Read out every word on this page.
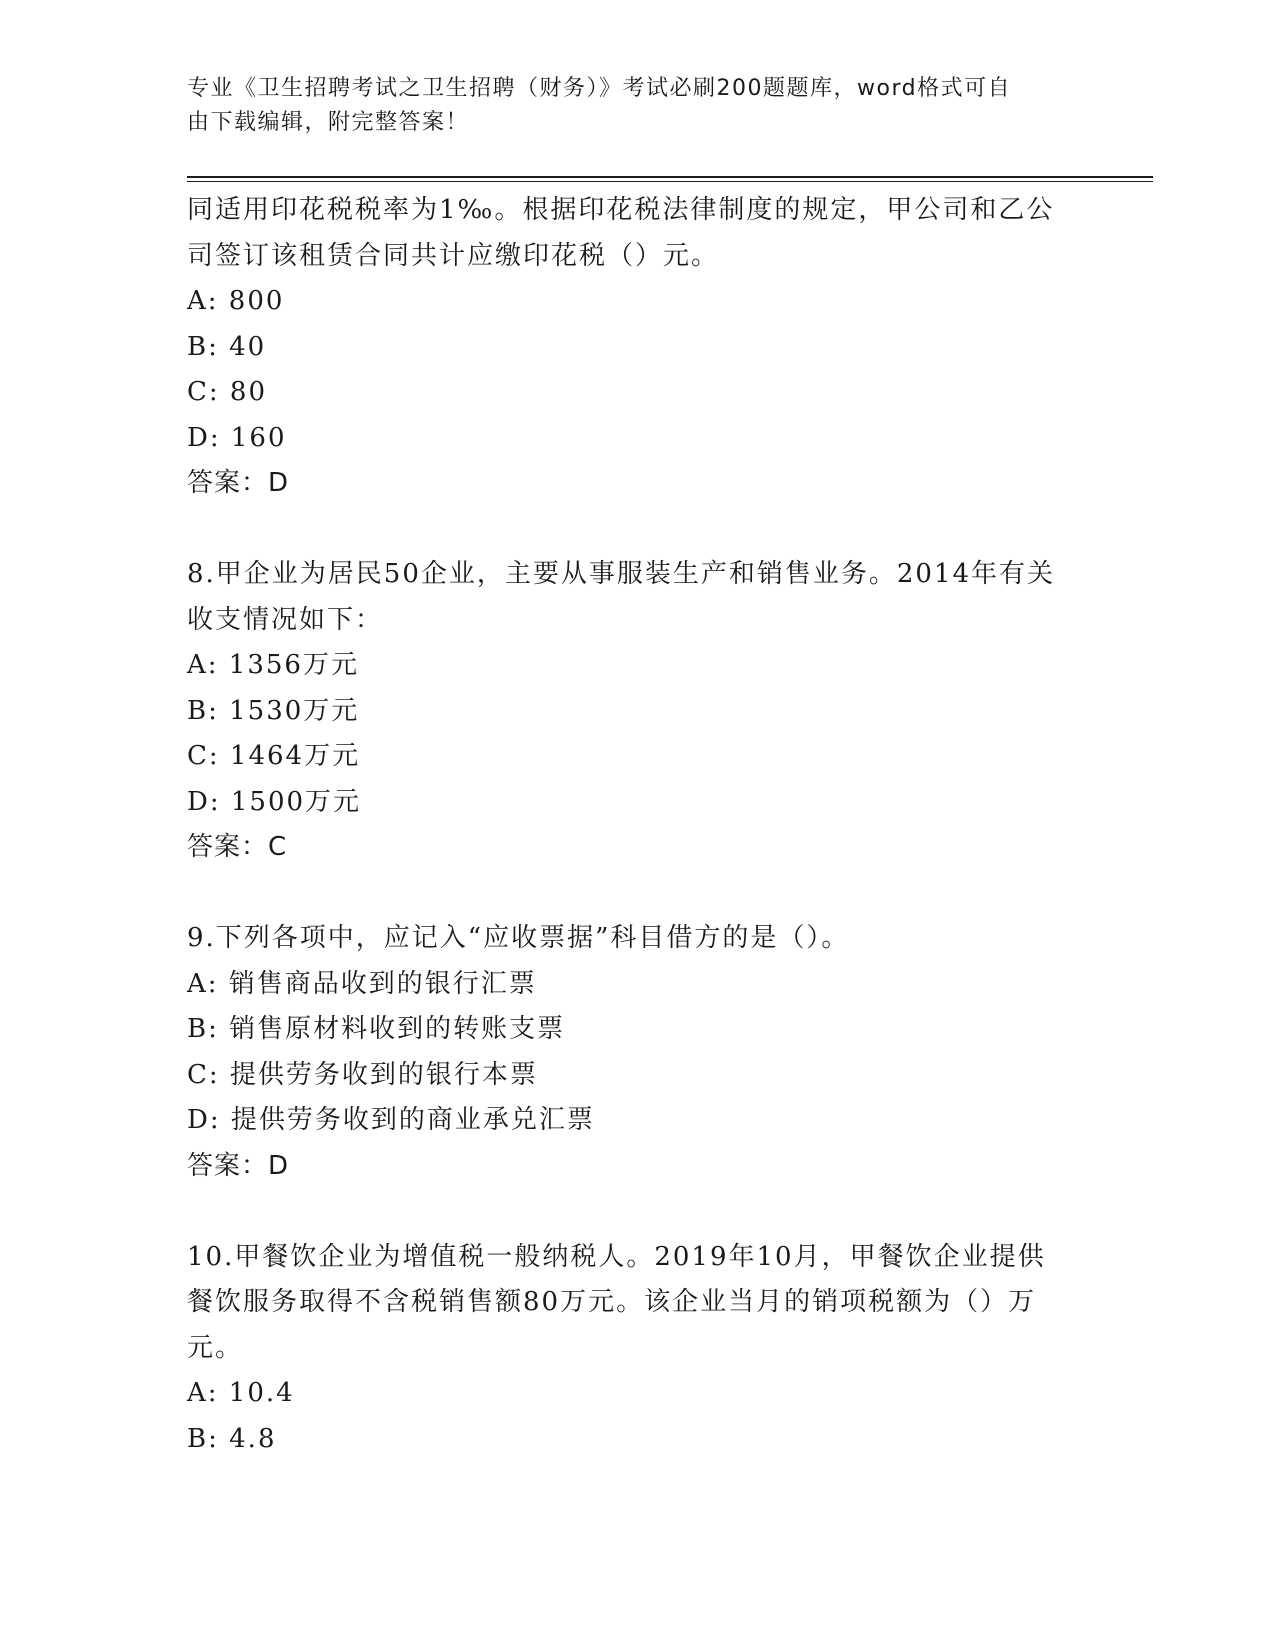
专业《卫生招聘考试之卫生招聘（财务）》考试必刷200题题库，word格式可自
由下载编辑，附完整答案！
同适用印花税税率为1‰。根据印花税法律制度的规定，甲公司和乙公
司签订该租赁合同共计应缴印花税（）元。
A: 800
B: 40
C: 80
D: 160
答案：D
8.甲企业为居民50企业，主要从事服装生产和销售业务。2014年有关
收支情况如下：
A: 1356万元
B: 1530万元
C: 1464万元
D: 1500万元
答案：C
9.下列各项中，应记入“应收票据”科目借方的是（）。
A: 销售商品收到的银行汇票
B: 销售原材料收到的转账支票
C: 提供劳务收到的银行本票
D: 提供劳务收到的商业承兑汇票
答案：D
10.甲餐饮企业为增值税一般纳税人。2019年10月，甲餐饮企业提供
餐饮服务取得不含税销售额80万元。该企业当月的销项税额为（）万
元。
A: 10.4
B: 4.8
